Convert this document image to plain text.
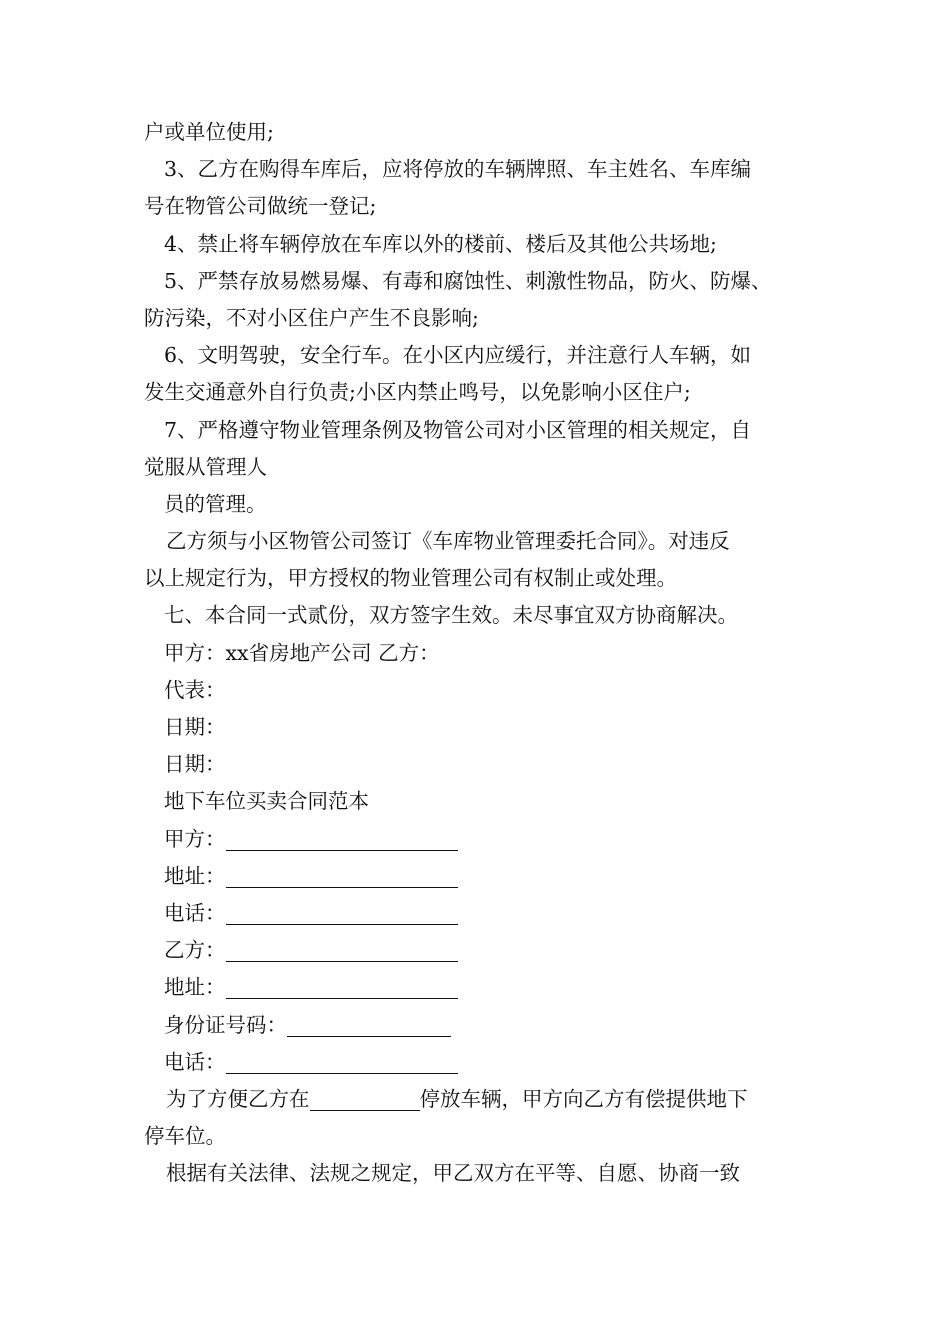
户或单位使用;
3、乙方在购得车库后，应将停放的车辆牌照、车主姓名、车库编
号在物管公司做统一登记;
4、禁止将车辆停放在车库以外的楼前、楼后及其他公共场地;
5、严禁存放易燃易爆、有毒和腐蚀性、刺激性物品，防火、防爆、
防污染，不对小区住户产生不良影响;
6、文明驾驶，安全行车。在小区内应缓行，并注意行人车辆，如
发生交通意外自行负责;小区内禁止鸣号，以免影响小区住户;
7、严格遵守物业管理条例及物管公司对小区管理的相关规定，自
觉服从管理人
员的管理。
乙方须与小区物管公司签订《车库物业管理委托合同》。对违反
以上规定行为，甲方授权的物业管理公司有权制止或处理。
七、本合同一式贰份，双方签字生效。未尽事宜双方协商解决。
甲方：xx省房地产公司 乙方：
代表：
日期：
日期：
地下车位买卖合同范本
甲方：
地址：
电话：
乙方：
地址：
身份证号码：
电话：
为了方便乙方在	停放车辆，甲方向乙方有偿提供地下
停车位。
根据有关法律、法规之规定，甲乙双方在平等、自愿、协商一致
